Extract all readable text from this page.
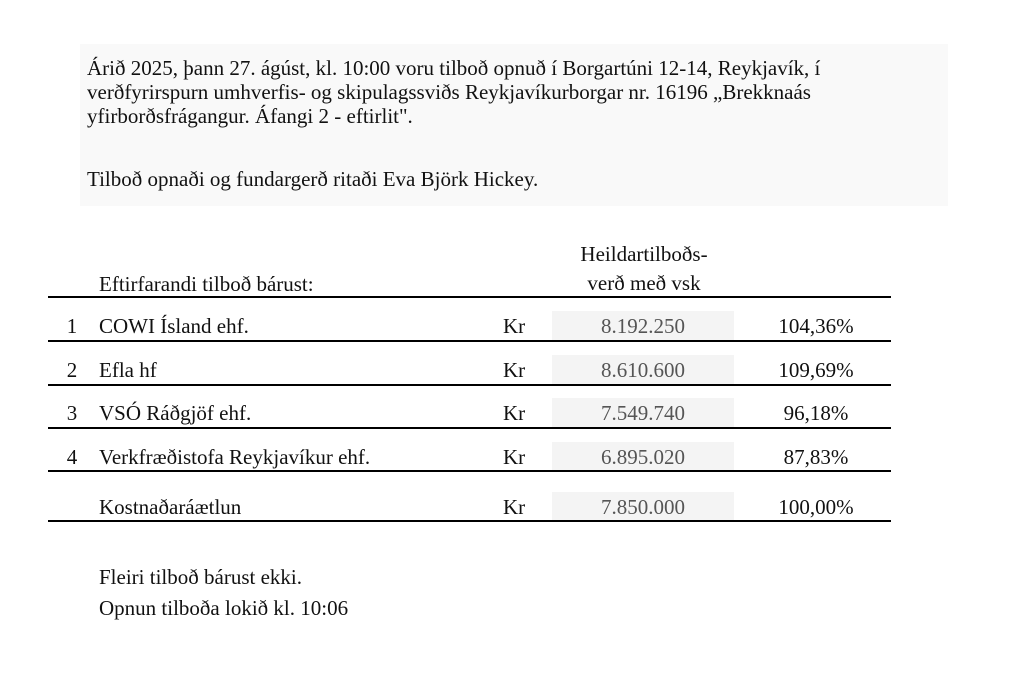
Árið 2025, þann 27. ágúst, kl. 10:00 voru tilboð opnuð í Borgartúni 12-14, Reykjavík, í

verðfyrirspurn umhverfis- og skipulagssviðs Reykjavíkurborgar nr. 16196 „Brekknaás

yfirborðsfrágangur. Áfangi 2 - eftirlit".

Tilboð opnaði og fundargerð ritaði Eva Björk Hickey.
Eftirfarandi tilboð bárust:
Heildartilboðs-
verð með vsk
1	COWI Ísland ehf.	Kr	8.192.250	104,36%
2	Efla hf	Kr	8.610.600	109,69%
3	VSÓ Ráðgjöf ehf.	Kr	7.549.740	96,18%
4	Verkfræðistofa Reykjavíkur ehf.	Kr	6.895.020	87,83%
Kostnaðaráætlun	Kr	7.850.000	100,00%
Fleiri tilboð bárust ekki.
Opnun tilboða lokið kl. 10:06
